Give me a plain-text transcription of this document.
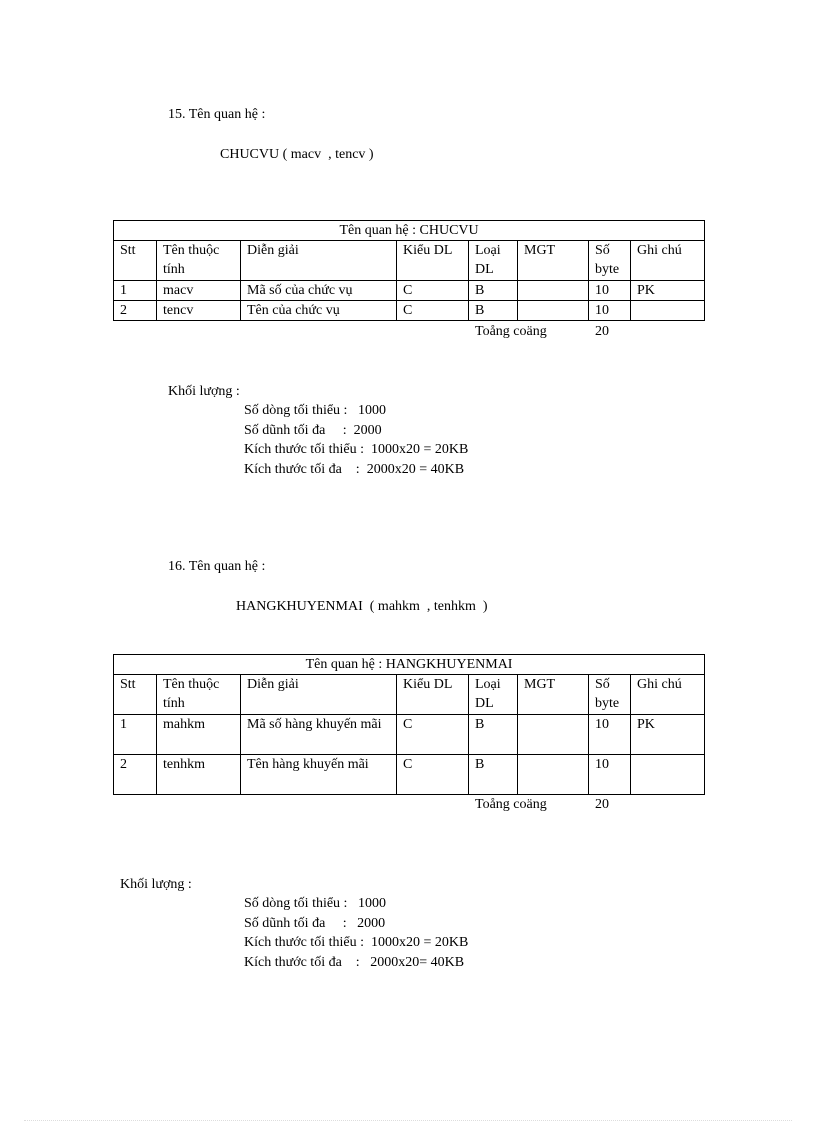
15. Tên quan hệ :
CHUCVU ( macv  , tencv )
Tên quan hệ : CHUCVU							
Stt	Tên thuộc tính	Diễn giải	Kiểu DL	Loại DL	MGT	Số byte	Ghi chú
1	macv	Mã số của chức vụ	C	B		10	PK
2	tencv	Tên của chức vụ	C	B		10	
Toång coäng	20
Khối lượng :
Số dòng tối thiểu :   1000
Số dũnh tối đa     :  2000
Kích thước tối thiểu :  1000x20 = 20KB
Kích thước tối đa    :  2000x20 = 40KB
16. Tên quan hệ :
HANGKHUYENMAI  ( mahkm  , tenhkm  )
Tên quan hệ : HANGKHUYENMAI							
Stt	Tên thuộc tính	Diễn giải	Kiểu DL	Loại DL	MGT	Số byte	Ghi chú
1	mahkm	Mã số hàng khuyến mãi	C	B		10	PK
2	tenhkm	Tên hàng khuyến mãi	C	B		10	
Toång coäng	20
Khối lượng :
Số dòng tối thiểu :   1000
Số dũnh tối đa     :   2000
Kích thước tối thiểu :  1000x20 = 20KB
Kích thước tối đa    :   2000x20= 40KB
